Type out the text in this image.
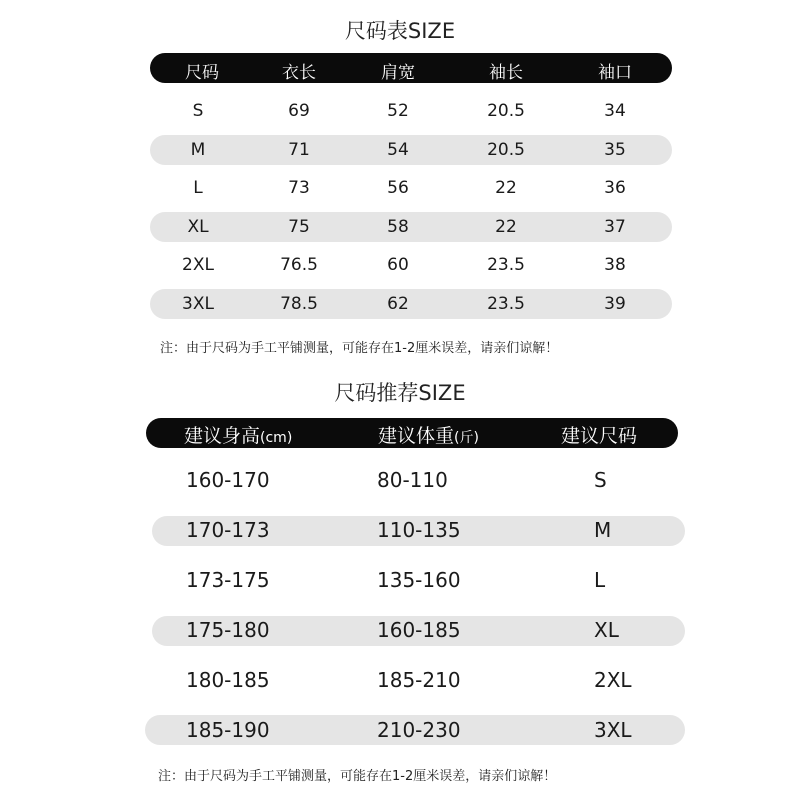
尺码表SIZE
尺码	衣长	肩宽	袖长	袖口
S	69	52	20.5	34
M	71	54	20.5	35
L	73	56	22	36
XL	75	58	22	37
2XL	76.5	60	23.5	38
3XL	78.5	62	23.5	39
注：由于尺码为手工平铺测量，可能存在1-2厘米误差，请亲们谅解！
尺码推荐SIZE
建议身高(cm)	建议体重(斤)	建议尺码
160-170	80-110	S
170-173	110-135	M
173-175	135-160	L
175-180	160-185	XL
180-185	185-210	2XL
185-190	210-230	3XL
注：由于尺码为手工平铺测量，可能存在1-2厘米误差，请亲们谅解！
